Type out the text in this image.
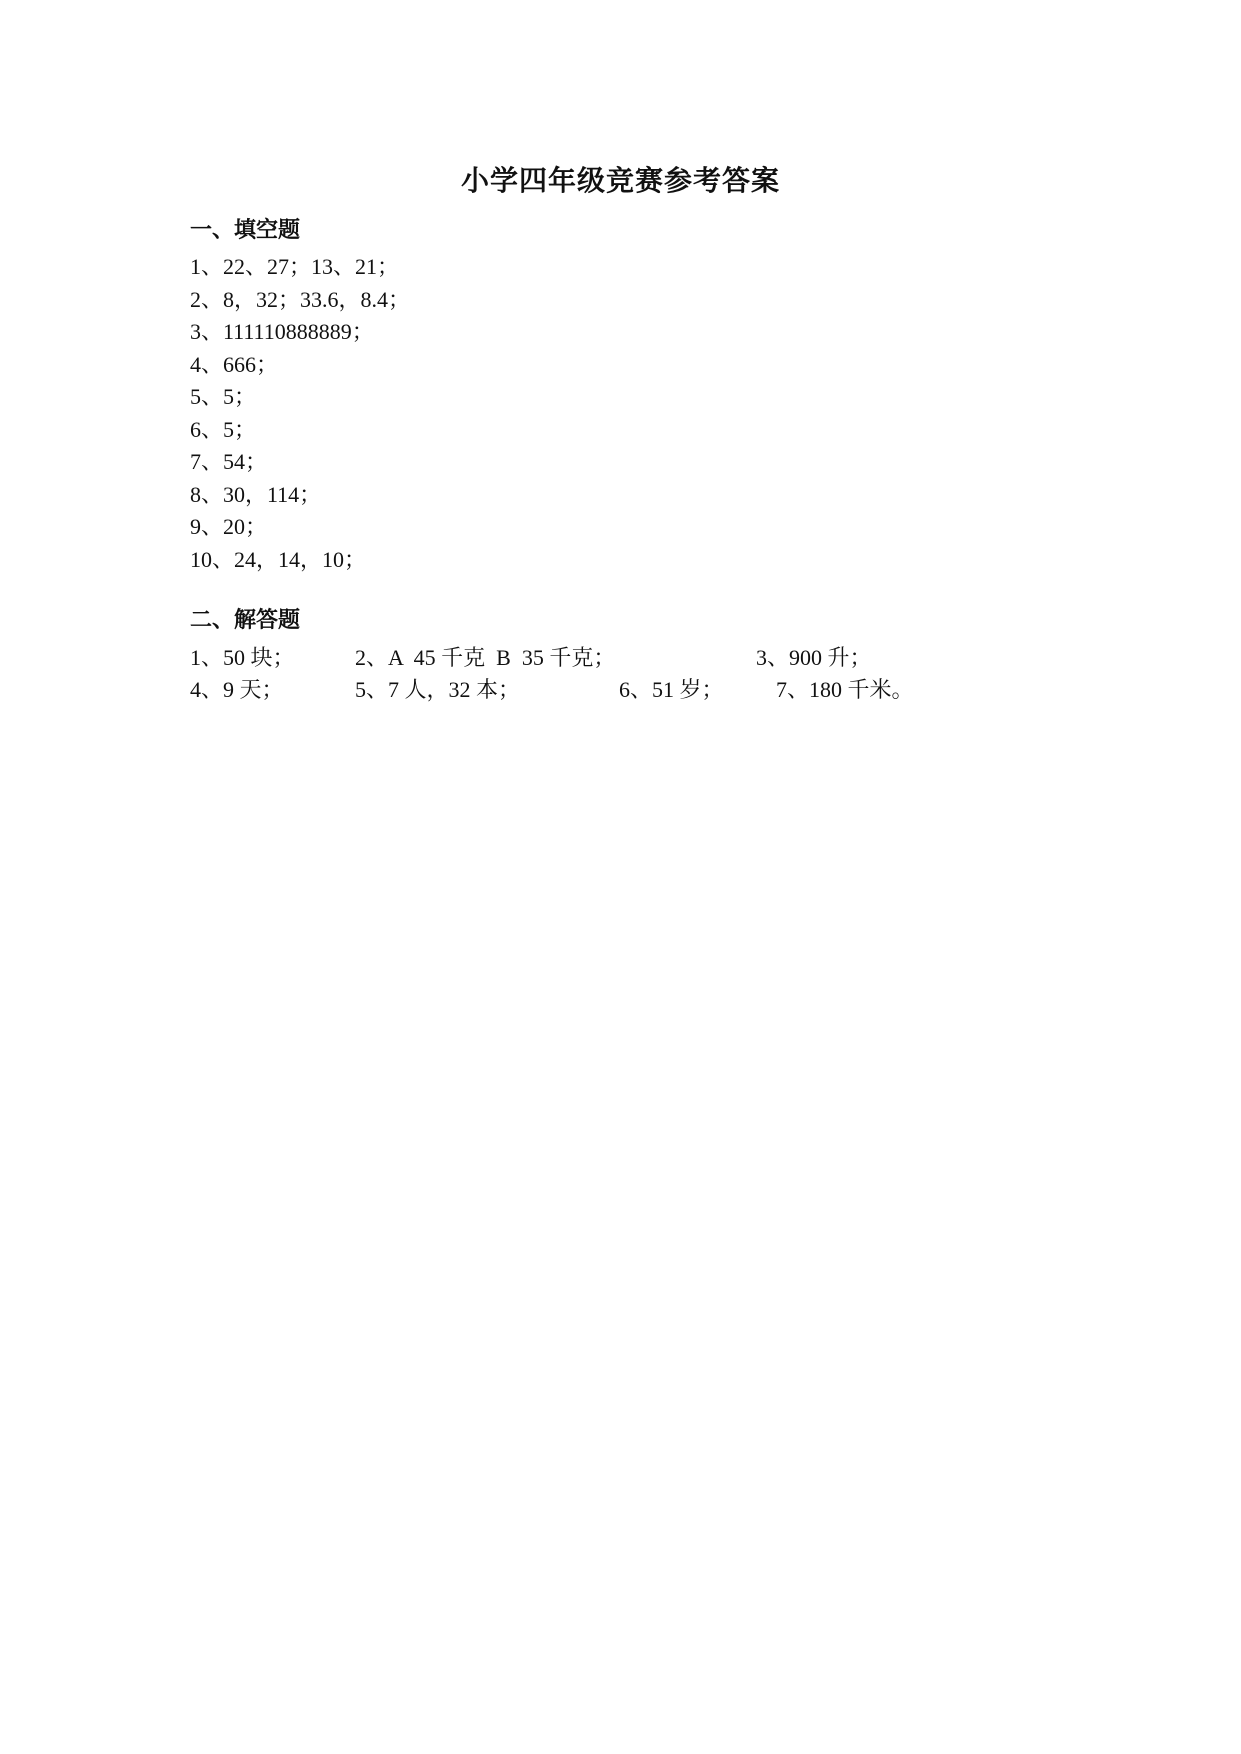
小学四年级竞赛参考答案
一、填空题
1、22、27；13、21；
2、8，32；33.6，8.4；
3、111110888889；
4、666；
5、5；
6、5；
7、54；
8、30，114；
9、20；
10、24，14，10；
二、解答题
1、50 块；	2、A  45 千克  B  35 千克；	3、900 升；
4、9 天；	5、7 人，32 本；	6、51 岁； 7、180 千米。
